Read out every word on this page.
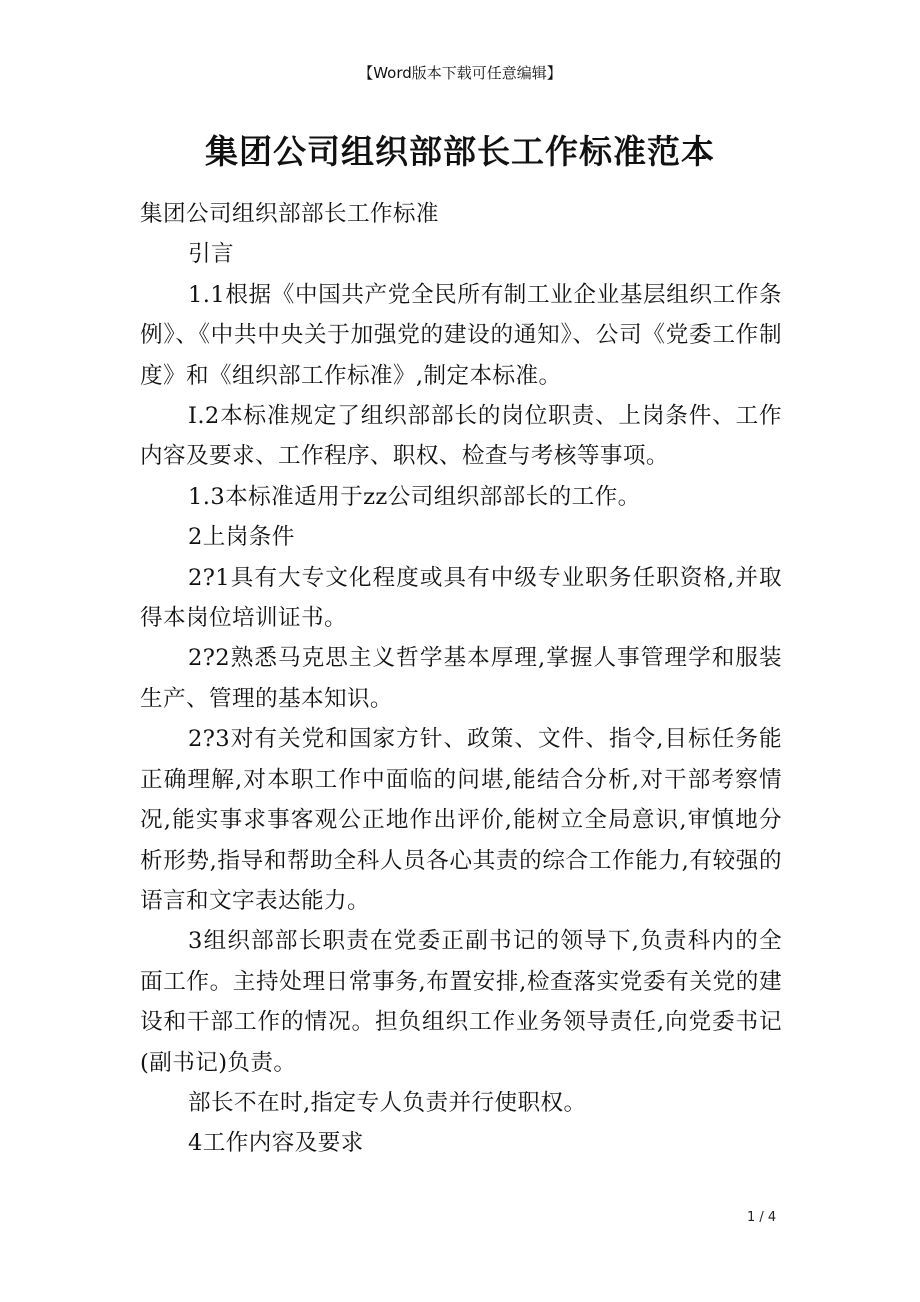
【Word版本下载可任意编辑】
集团公司组织部部长工作标准范本

集团公司组织部部长工作标准

引言

1.1根据《中国共产党全民所有制工业企业基层组织工作条例》、《中共中央关于加强党的建设的通知》、公司《党委工作制度》和《组织部工作标准》,制定本标准。

I.2本标准规定了组织部部长的岗位职责、上岗条件、工作内容及要求、工作程序、职权、检查与考核等事项。

1.3本标准适用于zz公司组织部部长的工作。

2上岗条件

2?1具有大专文化程度或具有中级专业职务任职资格,并取得本岗位培训证书。

2?2熟悉马克思主义哲学基本厚理,掌握人事管理学和服装生产、管理的基本知识。

2?3对有关党和国家方针、政策、文件、指令,目标任务能正确理解,对本职工作中面临的问堪,能结合分析,对干部考察情况,能实事求事客观公正地作出评价,能树立全局意识,审慎地分析形势,指导和帮助全科人员各心其责的综合工作能力,有较强的语言和文字表达能力。

3组织部部长职责在党委正副书记的领导下,负责科内的全面工作。主持处理日常事务,布置安排,检查落实党委有关党的建设和干部工作的情况。担负组织工作业务领导责任,向党委书记(副书记)负责。

部长不在时,指定专人负责并行使职权。

4工作内容及要求

1 / 4
